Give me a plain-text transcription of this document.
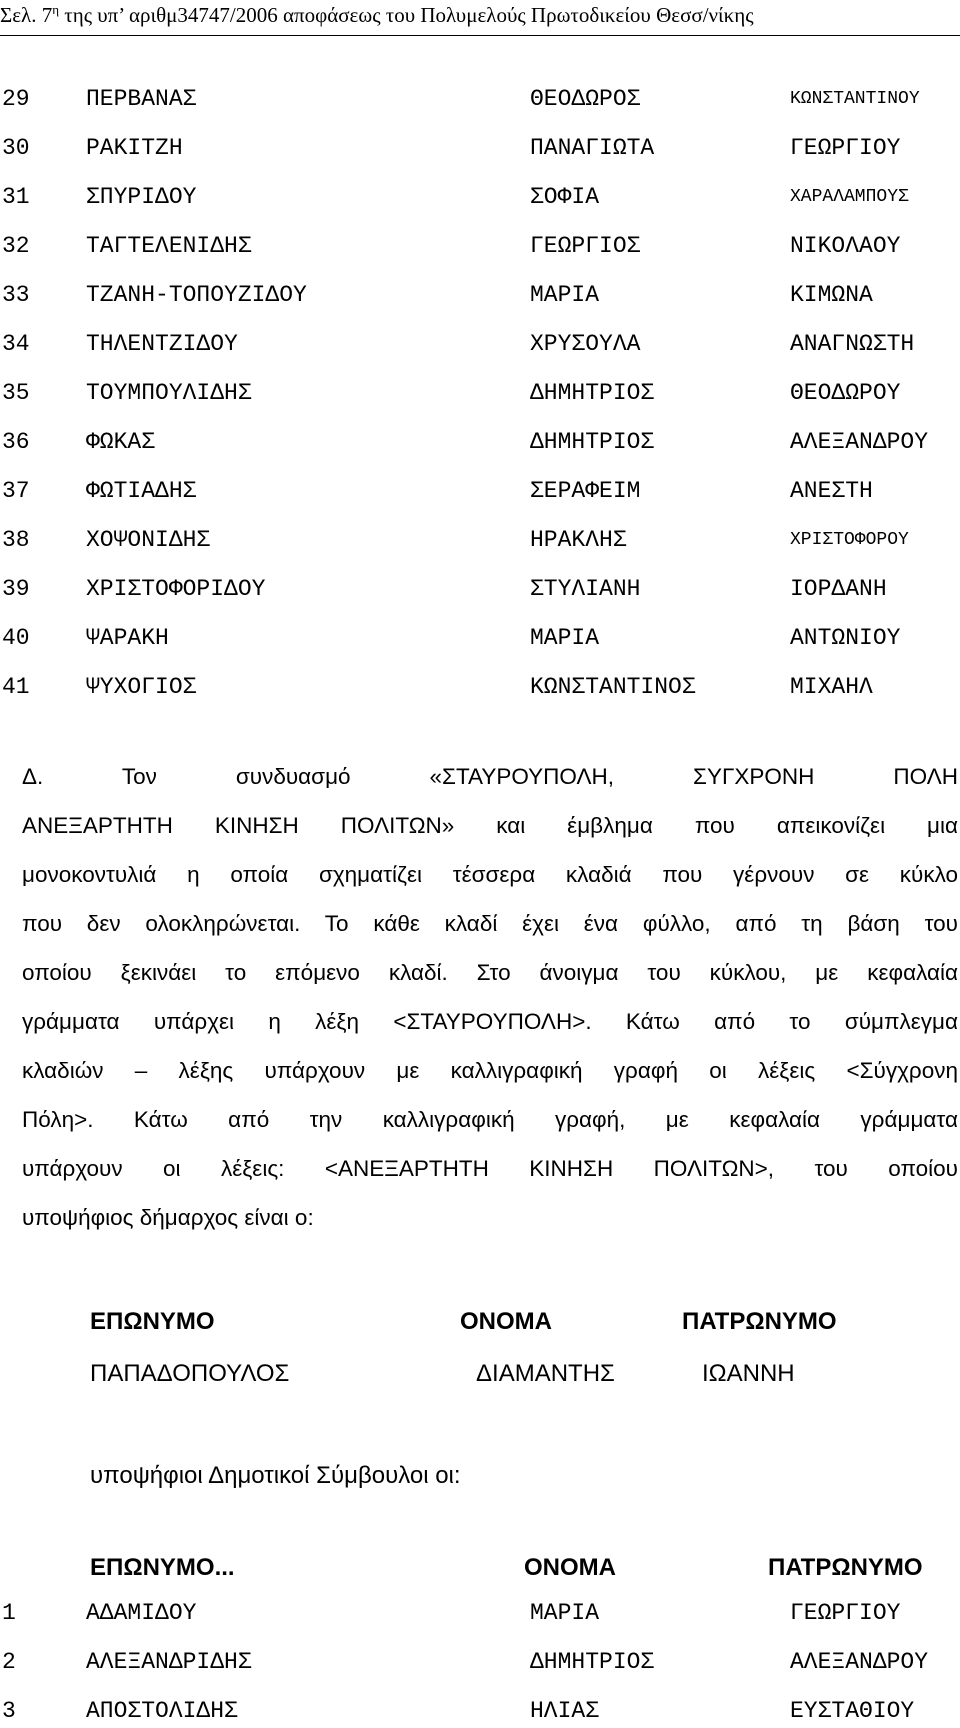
Σελ. $7^\eta$ της υπ’ αριθμ34747/2006 αποφάσεως του Πολυμελούς Πρωτοδικείου Θεσσ/νίκης
29 ΠΕΡΒΑΝΑΣ	ΘΕΟΔΩΡΟΣ	ΚΩΝΣΤΑΝΤΙΝΟΥ
30 ΡΑΚΙΤΖΗ	ΠΑΝΑΓΙΩΤΑ	ΓΕΩΡΓΙΟΥ
31 ΣΠΥΡΙΔΟΥ	ΣΟΦΙΑ	ΧΑΡΑΛΑΜΠΟΥΣ
32 ΤΑΓΤΕΛΕΝΙΔΗΣ	ΓΕΩΡΓΙΟΣ	ΝΙΚΟΛΑΟΥ
33 ΤΖΑΝΗ-ΤΟΠΟΥΖΙΔΟΥ	ΜΑΡΙΑ	ΚΙΜΩΝΑ
34 ΤΗΛΕΝΤΖΙΔΟΥ	ΧΡΥΣΟΥΛΑ	ΑΝΑΓΝΩΣΤΗ
35 ΤΟΥΜΠΟΥΛΙΔΗΣ	ΔΗΜΗΤΡΙΟΣ	ΘΕΟΔΩΡΟΥ
36 ΦΩΚΑΣ	ΔΗΜΗΤΡΙΟΣ	ΑΛΕΞΑΝΔΡΟΥ
37 ΦΩΤΙΑΔΗΣ	ΣΕΡΑΦΕΙΜ	ΑΝΕΣΤΗ
38 ΧΟΨΟΝΙΔΗΣ	ΗΡΑΚΛΗΣ	ΧΡΙΣΤΟΦΟΡΟΥ
39 ΧΡΙΣΤΟΦΟΡΙΔΟΥ	ΣΤΥΛΙΑΝΗ	ΙΟΡΔΑΝΗ
40 ΨΑΡΑΚΗ	ΜΑΡΙΑ	ΑΝΤΩΝΙΟΥ
41 ΨΥΧΟΓΙΟΣ	ΚΩΝΣΤΑΝΤΙΝΟΣ	ΜΙΧΑΗΛ

Δ. Τον συνδυασμό «ΣΤΑΥΡΟΥΠΟΛΗ, ΣΥΓΧΡΟΝΗ ΠΟΛΗ

ΑΝΕΞΑΡΤΗΤΗ ΚΙΝΗΣΗ ΠΟΛΙΤΩΝ» και έμβλημα που απεικονίζει μια

μονοκοντυλιά η οποία σχηματίζει τέσσερα κλαδιά που γέρνουν σε κύκλο

που δεν ολοκληρώνεται. Το κάθε κλαδί έχει ένα φύλλο, από τη βάση του

οποίου ξεκινάει το επόμενο κλαδί. Στο άνοιγμα του κύκλου, με κεφαλαία

γράμματα υπάρχει η λέξη <ΣΤΑΥΡΟΥΠΟΛΗ>. Κάτω από το σύμπλεγμα

κλαδιών – λέξης υπάρχουν με καλλιγραφική γραφή οι λέξεις <Σύγχρονη

Πόλη>. Κάτω από την καλλιγραφική γραφή, με κεφαλαία γράμματα

υπάρχουν οι λέξεις: <ΑΝΕΞΑΡΤΗΤΗ ΚΙΝΗΣΗ ΠΟΛΙΤΩΝ>, του οποίου

υποψήφιος δήμαρχος είναι ο:

ΕΠΩΝΥΜΟ	ΟΝΟΜΑ	ΠΑΤΡΩΝΥΜΟ
ΠΑΠΑΔΟΠΟΥΛΟΣ	ΔΙΑΜΑΝΤΗΣ	ΙΩΑΝΝΗ
υποψήφιοι Δημοτικοί Σύμβουλοι οι:
ΕΠΩΝΥΜΟ...	ΟΝΟΜΑ	ΠΑΤΡΩΝΥΜΟ
1	ΑΔΑΜΙΔΟΥ	ΜΑΡΙΑ	ΓΕΩΡΓΙΟΥ
2	ΑΛΕΞΑΝΔΡΙΔΗΣ	ΔΗΜΗΤΡΙΟΣ	ΑΛΕΞΑΝΔΡΟΥ
3	ΑΠΟΣΤΟΛΙΔΗΣ	ΗΛΙΑΣ	ΕΥΣΤΑΘΙΟΥ
